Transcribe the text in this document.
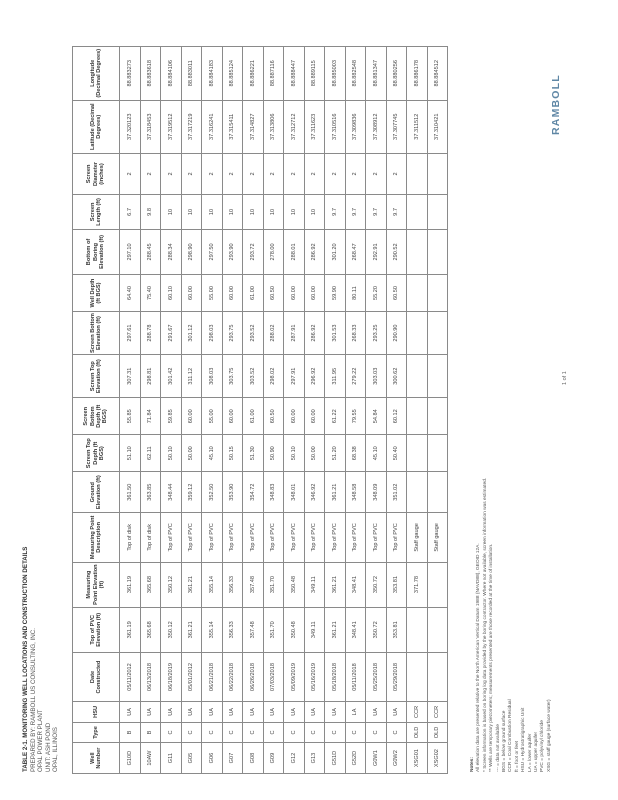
TABLE 2-1. MONITORING WELL LOCATIONS AND CONSTRUCTION DETAILS PREPARED BY: RAMBOLL US CONSULTING, INC. OPAL POWER PLANT UNIT: ASH POND OPAL, ILLINOIS
RAMBOLL
Well Number	Type	HSU	Date Constructed	Top of PVC Elevation (ft)	Measuring Point Elevation (ft)	Measuring Point Description	Ground Elevation (ft)	Screen Top Depth (ft BGS)	Screen Bottom Depth (ft BGS)	Screen Top Elevation (ft)	Screen Bottom Elevation (ft)	Well Depth (ft BGS)	Bottom of Boring Elevation (ft)	Screen Length (ft)	Screen Diameter (inches)	Latitude (Decimal Degrees)	Longitude (Decimal Degrees)
G10D	B	UA	05/11/2012	361.19	361.19	Top of disk	361.50	51.10	55.85	307.31	297.61	64.40	297.10	6.7	2	37.320123	88.883273
10AW	B	UA	06/13/2018	365.68	365.68	Top of disk	363.85	62.11	71.84	298.81	288.78	75.40	288.45	9.8	2	37.318453	88.883618
G11	C	UA	06/18/2019	350.12	350.12	Top of PVC	348.44	50.10	59.85	301.42	291.67	60.10	288.34	10	2	37.319512	88.884106
G05	C	UA	05/01/2012	361.21	361.21	Top of PVC	359.12	50.00	60.00	311.12	301.12	60.00	298.90	10	2	37.317219	88.883011
G06	C	UA	06/21/2018	355.14	355.14	Top of PVC	352.50	45.10	55.00	308.03	298.03	55.00	297.50	10	2	37.316241	88.884183
G07	C	UA	06/22/2018	356.33	356.33	Top of PVC	353.90	50.15	60.00	303.75	293.75	60.00	293.90	10	2	37.315411	88.885124
G08	C	UA	06/26/2018	357.48	357.48	Top of PVC	354.72	51.30	61.00	303.52	293.52	61.00	293.72	10	2	37.314827	88.886221
G09	C	UA	07/03/2018	351.70	351.70	Top of PVC	348.83	50.90	60.50	298.02	288.02	60.50	278.00	10	2	37.313806	88.887116
G12	C	UA	05/09/2019	350.48	350.48	Top of PVC	348.01	50.10	60.00	297.91	287.91	60.00	288.01	10	2	37.312712	88.888447
G13	C	UA	05/16/2019	349.11	349.11	Top of PVC	346.92	50.00	60.00	296.92	286.92	60.00	286.92	10	2	37.311623	88.889115
G51D	C	UA	05/18/2018	361.21	361.21	Top of PVC	361.21	51.20	61.22	311.95	301.53	59.90	301.20	9.7	2	37.310516	88.885003
G52D	C	LA	05/11/2018	348.41	348.41	Top of PVC	348.58	68.38	79.55	279.22	268.33	80.11	268.47	9.7	2	37.309836	88.882548
G0W1	C	UA	05/25/2018	350.72	350.72	Top of PVC	348.09	45.10	54.84	303.03	293.25	55.20	292.91	9.7	2	37.308912	88.881347
G0W2	C	UA	05/29/2018	353.81	353.81	Top of PVC	351.02	50.40	60.12	300.62	290.90	60.50	290.52	9.7	2	37.307745	88.880256
XSG01	OLD	CCR			371.78	Staff gauge										37.311512	88.886178
XSG02	OLD	CCR				Staff gauge										37.310421	88.884512
Notes: All elevation data are presented relative to the North American Vertical Datum 1988 (NAVD88), GEOID 12A. * Screen information is based on boring log data provided by the boring contractor. Where not available, screen information was estimated. ** Wells are temporary piezometers; measurements presented are those recorded at the time of installation. --- = data not available BGS = below ground surface CCR = Coal Combustion Residual ft = foot or feet HSU = Hydrostratigraphic Unit LA = lower aquifer UA = upper aquifer PVC = polyvinyl chloride XSG = staff gauge (surface water)
1 of 1
